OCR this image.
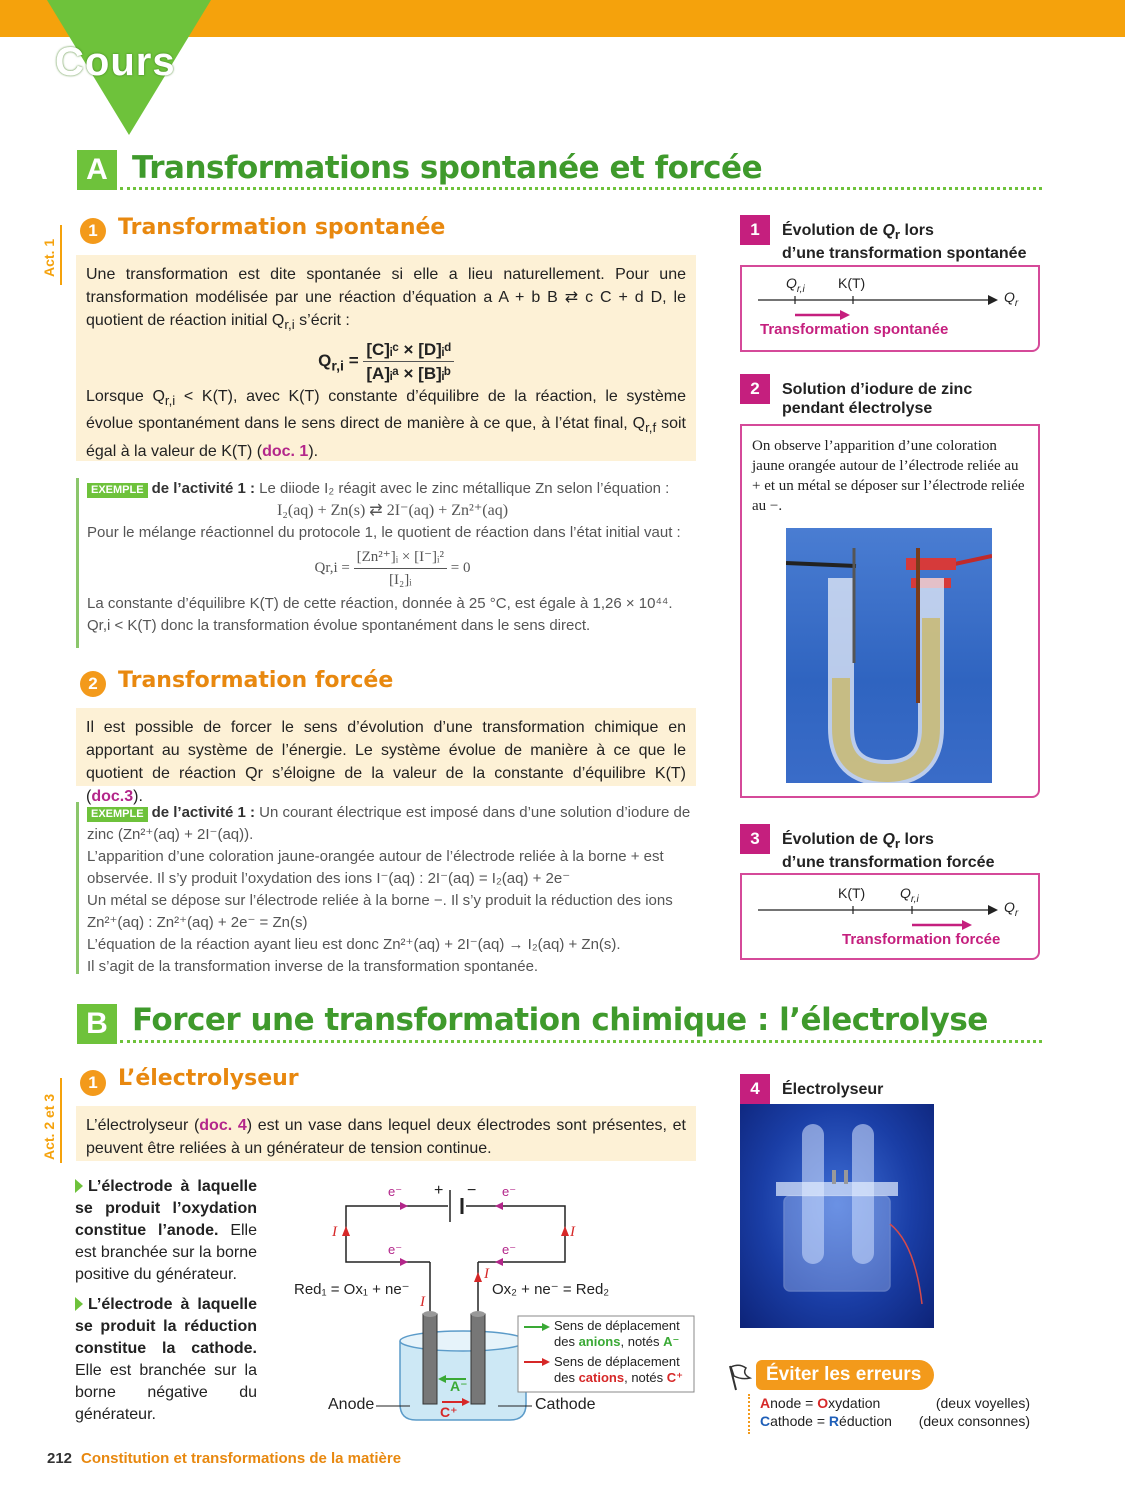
Cours
A Transformations spontanée et forcée
Act. 1
1 Transformation spontanée

Une transformation est dite spontanée si elle a lieu naturellement. Pour une transformation modélisée par une réaction d’équation a A + b B ⇄ c C + d D, le quotient de réaction initial $Q_{r,i}$ s’écrit :

$Q_{r,i} = \frac{\text{[C]ᵢᶜ × [D]ᵢᵈ}}{\text{[A]ᵢᵃ × [B]ᵢᵇ}}$

Lorsque $Q_{r,i} < K(T)$, avec K(T) constante d’équilibre de la réaction, le système évolue spontanément dans le sens direct de manière à ce que, à l’état final, $Q_{r,f}$ soit égal à la valeur de K(T) (doc. 1).

EXEMPLE de l’activité 1 : Le diiode I₂ réagit avec le zinc métallique Zn selon l’équation :
I₂(aq) + Zn(s) ⇄ 2I⁻(aq) + Zn²⁺(aq)
Pour le mélange réactionnel du protocole 1, le quotient de réaction dans l’état initial vaut :
$Qr,i = \frac{\text{[Zn²⁺]ᵢ × [I⁻]ᵢ²}}{\text{[I₂]ᵢ}} = 0$
La constante d’équilibre K(T) de cette réaction, donnée à 25 °C, est égale à 1,26 × 10⁴⁴.
Qr,i < K(T) donc la transformation évolue spontanément dans le sens direct.
2 Transformation forcée

Il est possible de forcer le sens d’évolution d’une transformation chimique en apportant au système de l’énergie. Le système évolue de manière à ce que le quotient de réaction Qr s’éloigne de la valeur de la constante d’équilibre K(T) (doc.3).

EXEMPLE de l’activité 1 : Un courant électrique est imposé dans d’une solution d’iodure de zinc (Zn²⁺(aq) + 2I⁻(aq)).
L’apparition d’une coloration jaune-orangée autour de l’électrode reliée à la borne + est observée. Il s’y produit l’oxydation des ions I⁻(aq) : 2I⁻(aq) = I₂(aq) + 2e⁻
Un métal se dépose sur l’électrode reliée à la borne −. Il s’y produit la réduction des ions Zn²⁺(aq) : Zn²⁺(aq) + 2e⁻ = Zn(s)
L’équation de la réaction ayant lieu est donc Zn²⁺(aq) + 2I⁻(aq) → I₂(aq) + Zn(s).
Il s’agit de la transformation inverse de la transformation spontanée.
1	Évolution de $Q_r$ lors
d’une transformation spontanée
$Q_{r,i}$ K(T)
$Q_r$
Transformation spontanée
2	Solution d’iodure de zinc
pendant électrolyse
On observe l’apparition d’une coloration jaune orangée autour de l’électrode reliée au + et un métal se déposer sur l’électrode reliée au −.
3	Évolution de $Q_r$ lors
d’une transformation forcée
K(T) $Q_{r,i}$	$Q_r$
Transformation forcée
B Forcer une transformation chimique : l’électrolyse
Act. 2 et 3
1 L’électrolyseur

L’électrolyseur (doc. 4) est un vase dans lequel deux électrodes sont présentes, et peuvent être reliées à un générateur de tension continue.

L’électrode à laquelle se produit l’oxydation constitue l’anode. Elle est branchée sur la borne positive du générateur.
L’électrode à laquelle se produit la réduction constitue la cathode. Elle est branchée sur la borne négative du générateur.
e⁻	e⁻
+ −
e⁻	e⁻
I	I
I
I
Red₁ = Ox₁ + ne⁻	Ox₂ + ne⁻ = Red₂
Anode	Cathode
A⁻
C⁺
Sens de déplacement
des anions, notés A⁻
Sens de déplacement
des cations, notés C⁺
4	Électrolyseur
Éviter les erreurs
Anode = Oxydation	(deux voyelles)
Cathode = Réduction (deux consonnes)
212 Constitution et transformations de la matière
